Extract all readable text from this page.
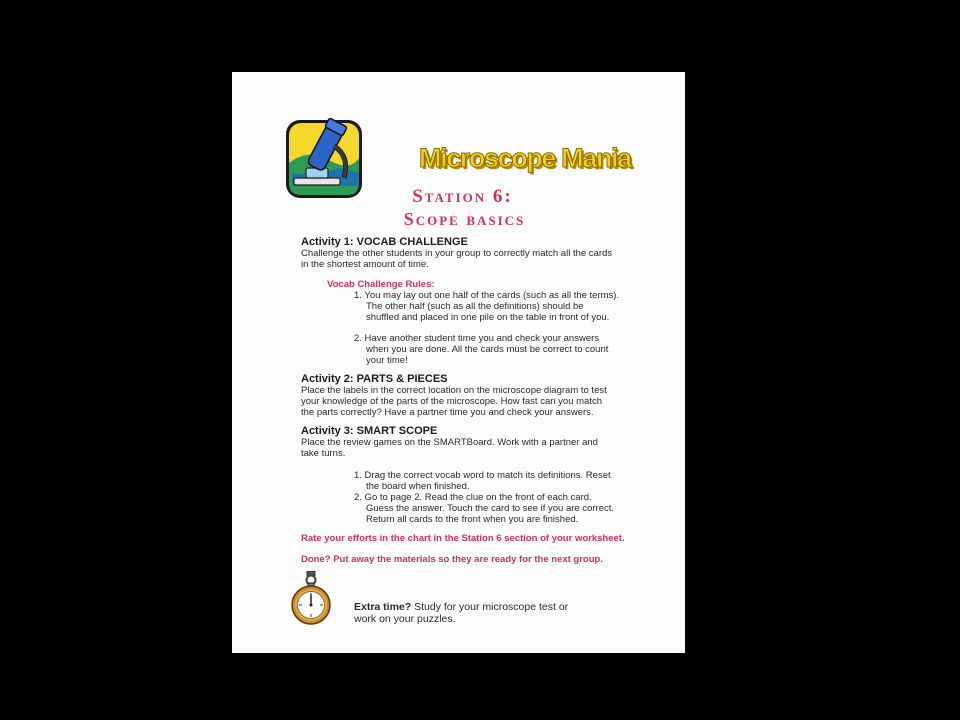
Microscope Mania
Station 6:
Scope basics
Activity 1: VOCAB CHALLENGE
Challenge the other students in your group to correctly match all the cards
in the shortest amount of time.
Vocab Challenge Rules:
1. You may lay out one half of the cards (such as all the terms).
The other half (such as all the definitions) should be
shuffled and placed in one pile on the table in front of you.
2. Have another student time you and check your answers
when you are done. All the cards must be correct to count
your time!
Activity 2: PARTS & PIECES
Place the labels in the correct location on the microscope diagram to test
your knowledge of the parts of the microscope. How fast can you match
the parts correctly? Have a partner time you and check your answers.
Activity 3: SMART SCOPE
Place the review games on the SMARTBoard. Work with a partner and
take turns.
1. Drag the correct vocab word to match its definitions. Reset
the board when finished.
2. Go to page 2. Read the clue on the front of each card.
Guess the answer. Touch the card to see if you are correct.
Return all cards to the front when you are finished.
Rate your efforts in the chart in the Station 6 section of your worksheet.
Done? Put away the materials so they are ready for the next group.
Extra time? Study for your microscope test or
work on your puzzles.
